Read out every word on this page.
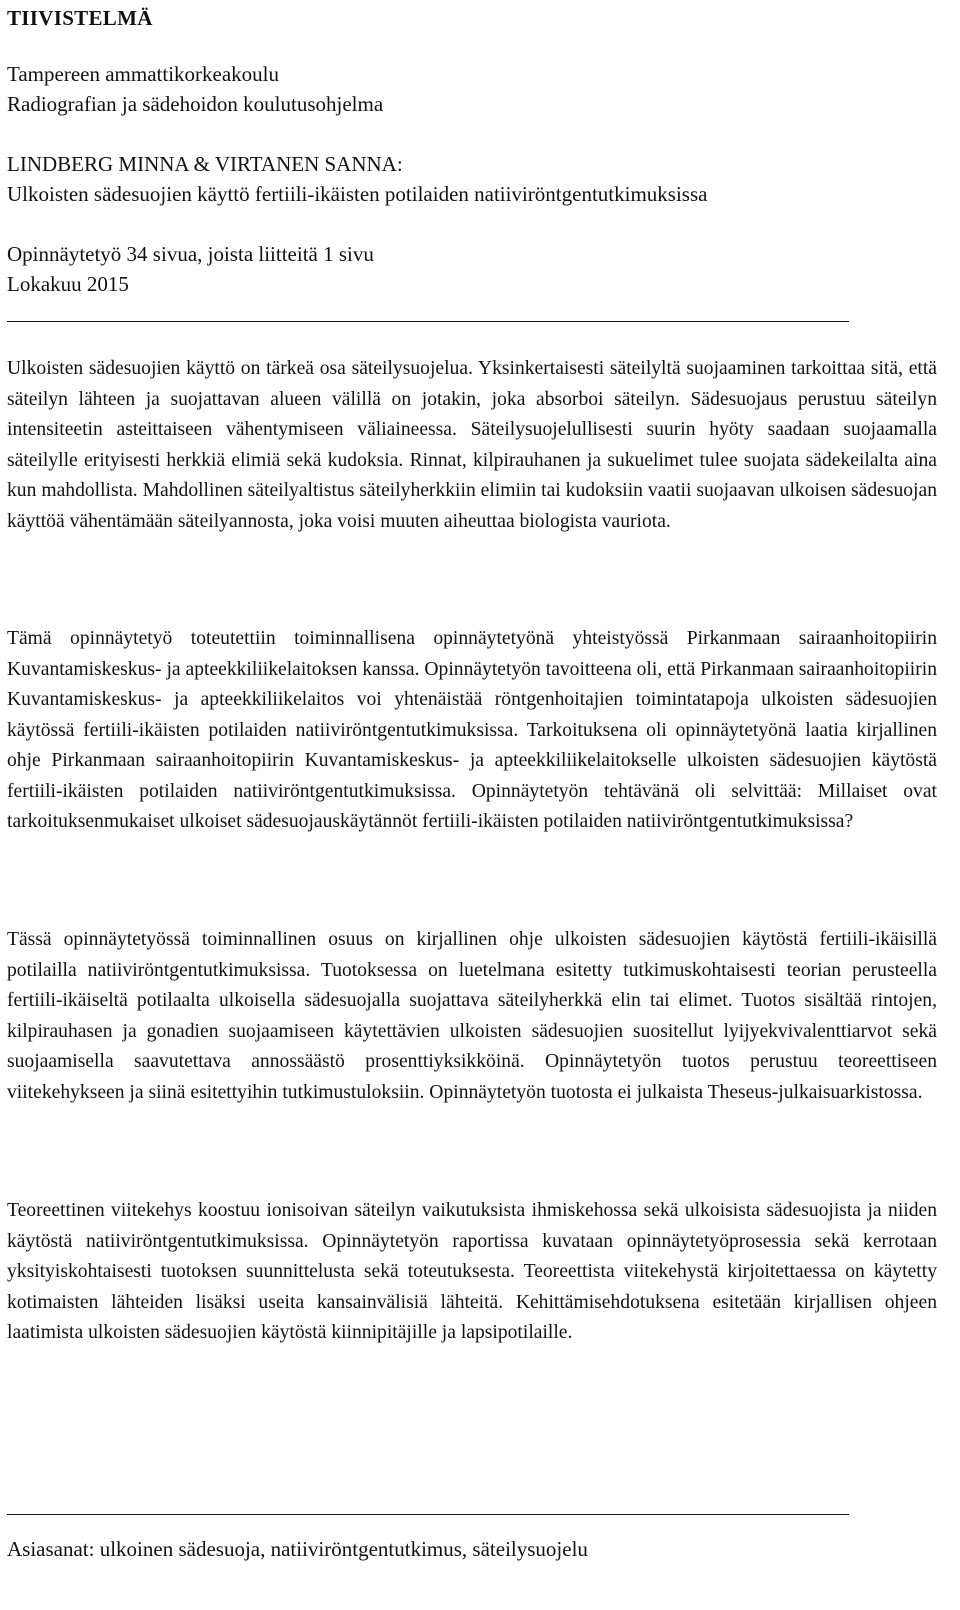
TIIVISTELMÄ
Tampereen ammattikorkeakoulu
Radiografian ja sädehoidon koulutusohjelma
LINDBERG MINNA & VIRTANEN SANNA:
Ulkoisten sädesuojien käyttö fertiili-ikäisten potilaiden natiiviröntgentutkimuksissa
Opinnäytetyö 34 sivua, joista liitteitä 1 sivu
Lokakuu 2015

Ulkoisten sädesuojien käyttö on tärkeä osa säteilysuojelua. Yksinkertaisesti säteilyltä suojaaminen tarkoittaa sitä, että säteilyn lähteen ja suojattavan alueen välillä on jotakin, joka absorboi säteilyn. Sädesuojaus perustuu säteilyn intensiteetin asteittaiseen vähentymiseen väliaineessa. Säteilysuojelullisesti suurin hyöty saadaan suojaamalla säteilylle erityisesti herkkiä elimiä sekä kudoksia. Rinnat, kilpirauhanen ja sukuelimet tulee suojata sädekeilalta aina kun mahdollista. Mahdollinen säteilyaltistus säteilyherkkiin elimiin tai kudoksiin vaatii suojaavan ulkoisen sädesuojan käyttöä vähentämään säteilyannosta, joka voisi muuten aiheuttaa biologista vauriota.

Tämä opinnäytetyö toteutettiin toiminnallisena opinnäytetyönä yhteistyössä Pirkanmaan sairaanhoitopiirin Kuvantamiskeskus- ja apteekkiliikelaitoksen kanssa. Opinnäytetyön tavoitteena oli, että Pirkanmaan sairaanhoitopiirin Kuvantamiskeskus- ja apteekkiliikelaitos voi yhtenäistää röntgenhoitajien toimintatapoja ulkoisten sädesuojien käytössä fertiili-ikäisten potilaiden natiiviröntgentutkimuksissa. Tarkoituksena oli opinnäytetyönä laatia kirjallinen ohje Pirkanmaan sairaanhoitopiirin Kuvantamiskeskus- ja apteekkiliikelaitokselle ulkoisten sädesuojien käytöstä fertiili-ikäisten potilaiden natiiviröntgentutkimuksissa. Opinnäytetyön tehtävänä oli selvittää: Millaiset ovat tarkoituksenmukaiset ulkoiset sädesuojauskäytännöt fertiili-ikäisten potilaiden natiiviröntgentutkimuksissa?

Tässä opinnäytetyössä toiminnallinen osuus on kirjallinen ohje ulkoisten sädesuojien käytöstä fertiili-ikäisillä potilailla natiiviröntgentutkimuksissa. Tuotoksessa on luetelmana esitetty tutkimuskohtaisesti teorian perusteella fertiili-ikäiseltä potilaalta ulkoisella sädesuojalla suojattava säteilyherkkä elin tai elimet. Tuotos sisältää rintojen, kilpirauhasen ja gonadien suojaamiseen käytettävien ulkoisten sädesuojien suositellut lyijyekvivalenttiarvot sekä suojaamisella saavutettava annossäästö prosenttiyksikköinä. Opinnäytetyön tuotos perustuu teoreettiseen viitekehykseen ja siinä esitettyihin tutkimustuloksiin. Opinnäytetyön tuotosta ei julkaista Theseus-julkaisuarkistossa.

Teoreettinen viitekehys koostuu ionisoivan säteilyn vaikutuksista ihmiskehossa sekä ulkoisista sädesuojista ja niiden käytöstä natiiviröntgentutkimuksissa. Opinnäytetyön raportissa kuvataan opinnäytetyöprosessia sekä kerrotaan yksityiskohtaisesti tuotoksen suunnittelusta sekä toteutuksesta. Teoreettista viitekehystä kirjoitettaessa on käytetty kotimaisten lähteiden lisäksi useita kansainvälisiä lähteitä. Kehittämisehdotuksena esitetään kirjallisen ohjeen laatimista ulkoisten sädesuojien käytöstä kiinnipitäjille ja lapsipotilaille.

Asiasanat: ulkoinen sädesuoja, natiiviröntgentutkimus, säteilysuojelu
